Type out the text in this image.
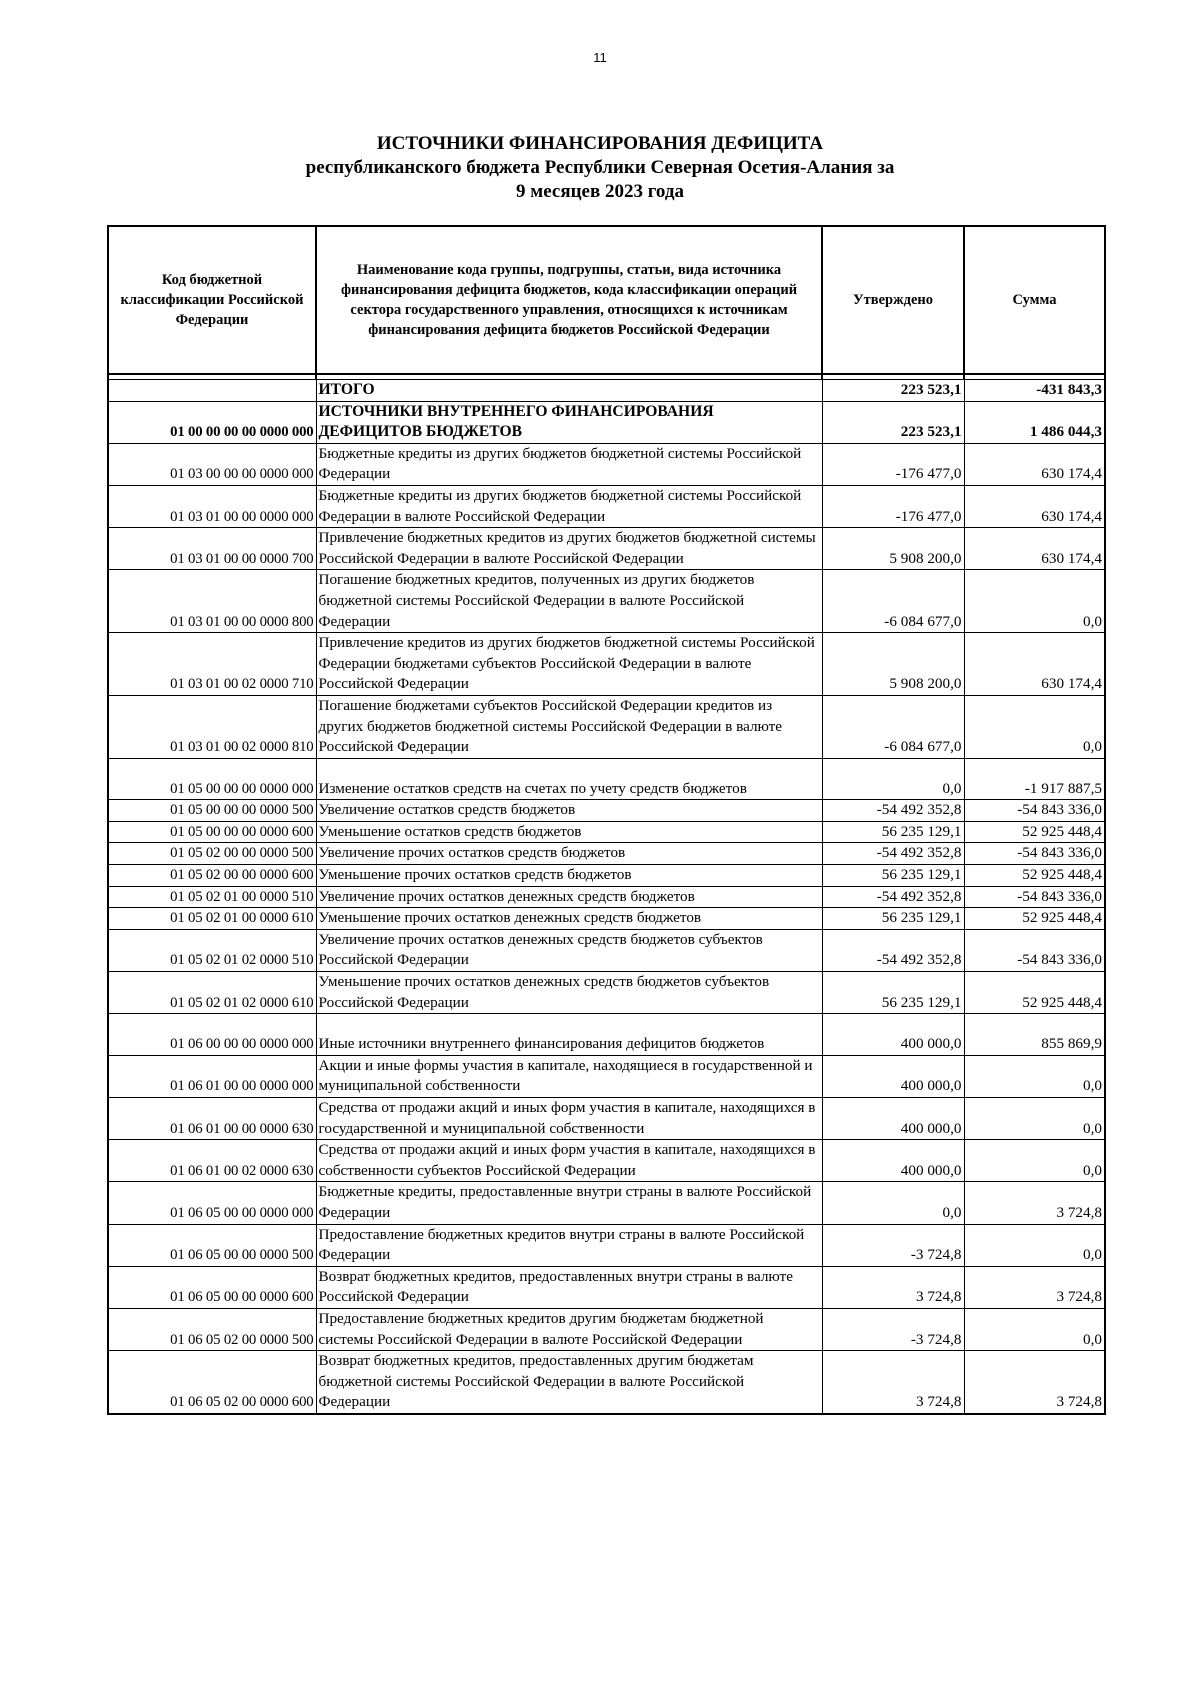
11
ИСТОЧНИКИ ФИНАНСИРОВАНИЯ ДЕФИЦИТА
республиканского бюджета Республики Северная Осетия-Алания за
9 месяцев 2023 года
Код бюджетной классификации Российской Федерации	Наименование кода группы, подгруппы, статьи, вида источника финансирования дефицита бюджетов, кода классификации операций сектора государственного управления, относящихся к источникам финансирования дефицита бюджетов Российской Федерации	Утверждено	Сумма

	ИТОГО	223 523,1	-431 843,3
01 00 00 00 00 0000 000	ИСТОЧНИКИ ВНУТРЕННЕГО ФИНАНСИРОВАНИЯ ДЕФИЦИТОВ БЮДЖЕТОВ	223 523,1	1 486 044,3
01 03 00 00 00 0000 000	Бюджетные кредиты из других бюджетов бюджетной системы Российской Федерации	-176 477,0	630 174,4
01 03 01 00 00 0000 000	Бюджетные кредиты из других бюджетов бюджетной системы Российской Федерации в валюте Российской Федерации	-176 477,0	630 174,4
01 03 01 00 00 0000 700	Привлечение бюджетных кредитов из других бюджетов бюджетной системы Российской Федерации в валюте Российской Федерации	5 908 200,0	630 174,4
01 03 01 00 00 0000 800	Погашение бюджетных кредитов, полученных из других бюджетов бюджетной системы Российской Федерации в валюте Российской Федерации	-6 084 677,0	0,0
01 03 01 00 02 0000 710	Привлечение кредитов из других бюджетов бюджетной системы Российской Федерации бюджетами субъектов Российской Федерации в валюте Российской Федерации	5 908 200,0	630 174,4
01 03 01 00 02 0000 810	Погашение бюджетами субъектов Российской Федерации кредитов из других бюджетов бюджетной системы Российской Федерации в валюте Российской Федерации	-6 084 677,0	0,0
01 05 00 00 00 0000 000	Изменение остатков средств на счетах по учету средств бюджетов	0,0	-1 917 887,5
01 05 00 00 00 0000 500	Увеличение остатков средств бюджетов	-54 492 352,8	-54 843 336,0
01 05 00 00 00 0000 600	Уменьшение остатков средств бюджетов	56 235 129,1	52 925 448,4
01 05 02 00 00 0000 500	Увеличение прочих остатков средств бюджетов	-54 492 352,8	-54 843 336,0
01 05 02 00 00 0000 600	Уменьшение прочих остатков средств бюджетов	56 235 129,1	52 925 448,4
01 05 02 01 00 0000 510	Увеличение прочих остатков денежных средств бюджетов	-54 492 352,8	-54 843 336,0
01 05 02 01 00 0000 610	Уменьшение прочих остатков денежных средств бюджетов	56 235 129,1	52 925 448,4
01 05 02 01 02 0000 510	Увеличение прочих остатков денежных средств бюджетов субъектов Российской Федерации	-54 492 352,8	-54 843 336,0
01 05 02 01 02 0000 610	Уменьшение прочих остатков денежных средств бюджетов субъектов Российской Федерации	56 235 129,1	52 925 448,4
01 06 00 00 00 0000 000	Иные источники внутреннего финансирования дефицитов бюджетов	400 000,0	855 869,9
01 06 01 00 00 0000 000	Акции и иные формы участия в капитале, находящиеся в государственной и муниципальной собственности	400 000,0	0,0
01 06 01 00 00 0000 630	Средства от продажи акций и иных форм участия в капитале, находящихся в государственной и муниципальной собственности	400 000,0	0,0
01 06 01 00 02 0000 630	Средства от продажи акций и иных форм участия в капитале, находящихся в собственности субъектов Российской Федерации	400 000,0	0,0
01 06 05 00 00 0000 000	Бюджетные кредиты, предоставленные внутри страны в валюте Российской Федерации	0,0	3 724,8
01 06 05 00 00 0000 500	Предоставление бюджетных кредитов внутри страны в валюте Российской Федерации	-3 724,8	0,0
01 06 05 00 00 0000 600	Возврат бюджетных кредитов, предоставленных внутри страны в валюте Российской Федерации	3 724,8	3 724,8
01 06 05 02 00 0000 500	Предоставление бюджетных кредитов другим бюджетам бюджетной системы Российской Федерации в валюте Российской Федерации	-3 724,8	0,0
01 06 05 02 00 0000 600	Возврат бюджетных кредитов, предоставленных другим бюджетам бюджетной системы Российской Федерации в валюте Российской Федерации	3 724,8	3 724,8
